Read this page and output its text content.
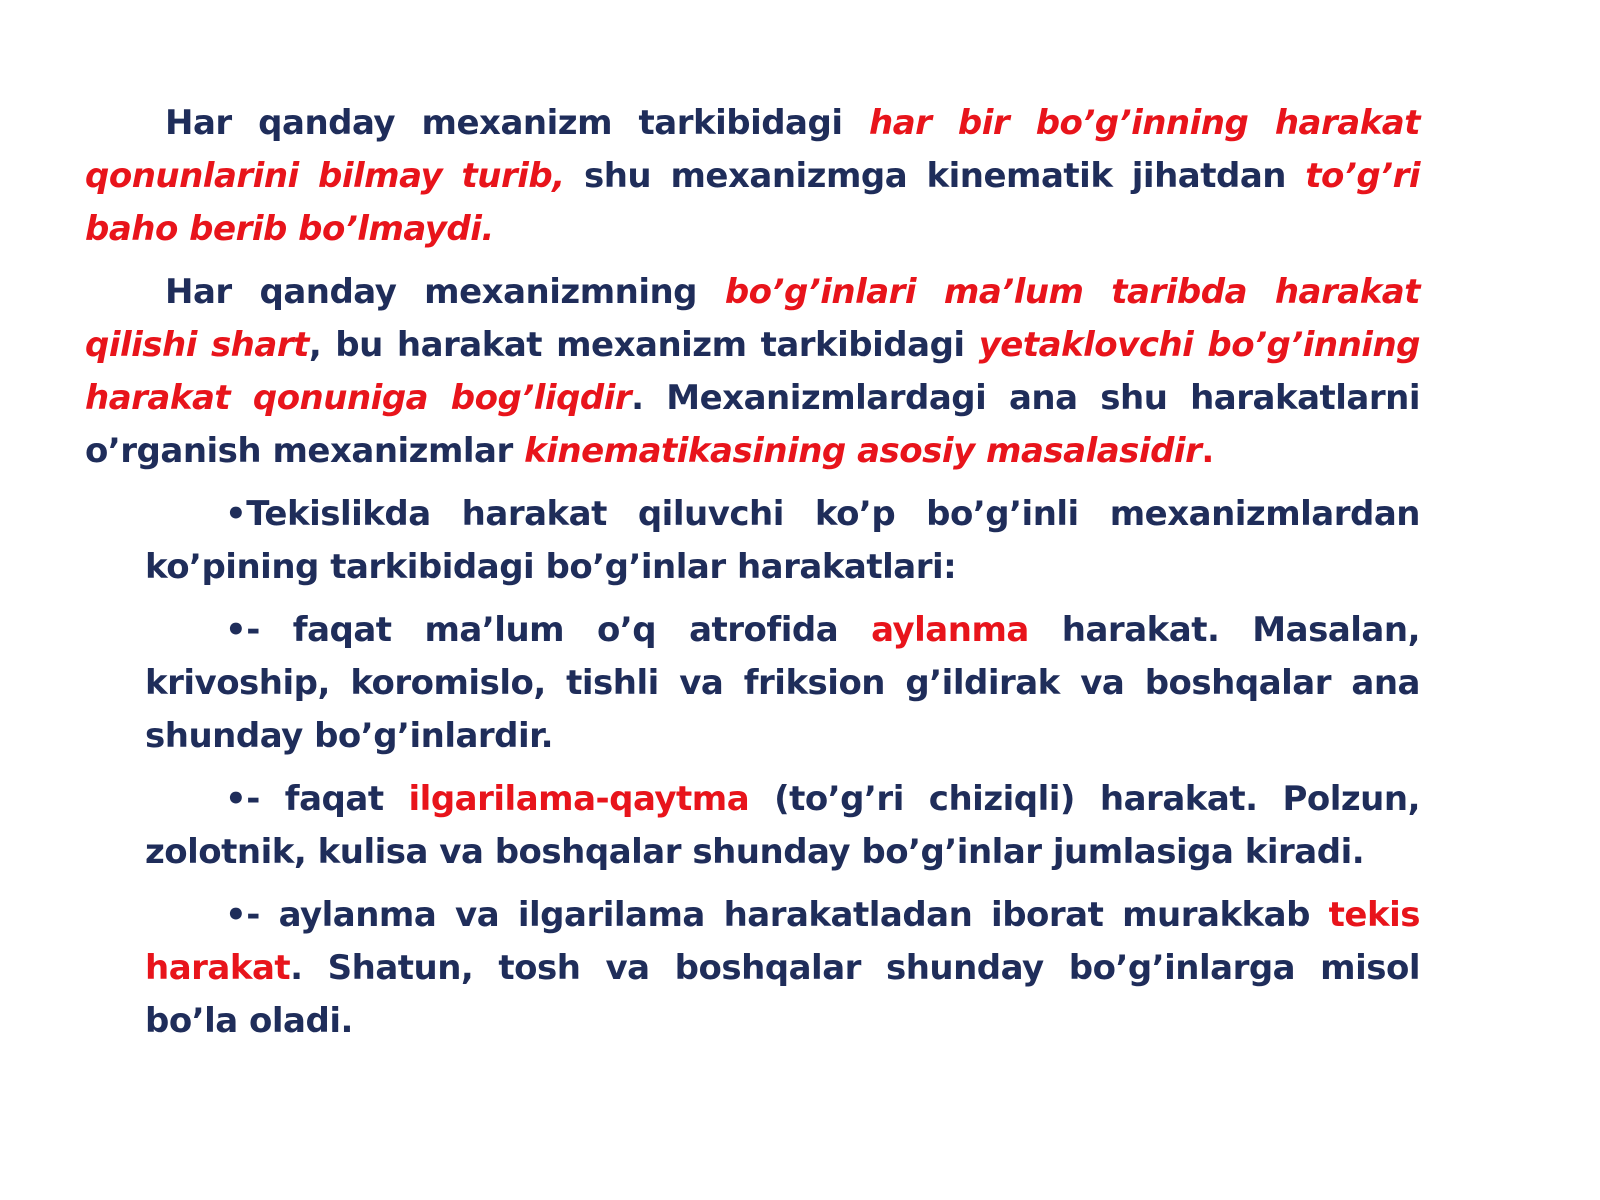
Har qanday mexanizm tarkibidagi har bir bo’g’inning harakat qonunlarini bilmay turib, shu mexanizmga kinematik jihatdan to’g’ri baho berib bo’lmaydi.

Har qanday mexanizmning bo’g’inlari ma’lum taribda harakat qilishi shart, bu harakat mexanizm tarkibidagi yetaklovchi bo’g’inning harakat qonuniga bog’liqdir. Mexanizmlardagi ana shu harakatlarni o’rganish mexanizmlar kinematikasining asosiy masalasidir.

•Tekislikda harakat qiluvchi ko’p bo’g’inli mexanizmlardan ko’pining tarkibidagi bo’g’inlar harakatlari:

•- faqat ma’lum o’q atrofida aylanma harakat. Masalan, krivoship, koromislo, tishli va friksion g’ildirak va boshqalar ana shunday bo’g’inlardir.

•- faqat ilgarilama-qaytma (to’g’ri chiziqli) harakat. Polzun, zolotnik, kulisa va boshqalar shunday bo’g’inlar jumlasiga kiradi.

•- aylanma va ilgarilama harakatladan iborat murakkab tekis harakat. Shatun, tosh va boshqalar shunday bo’g’inlarga misol bo’la oladi.
